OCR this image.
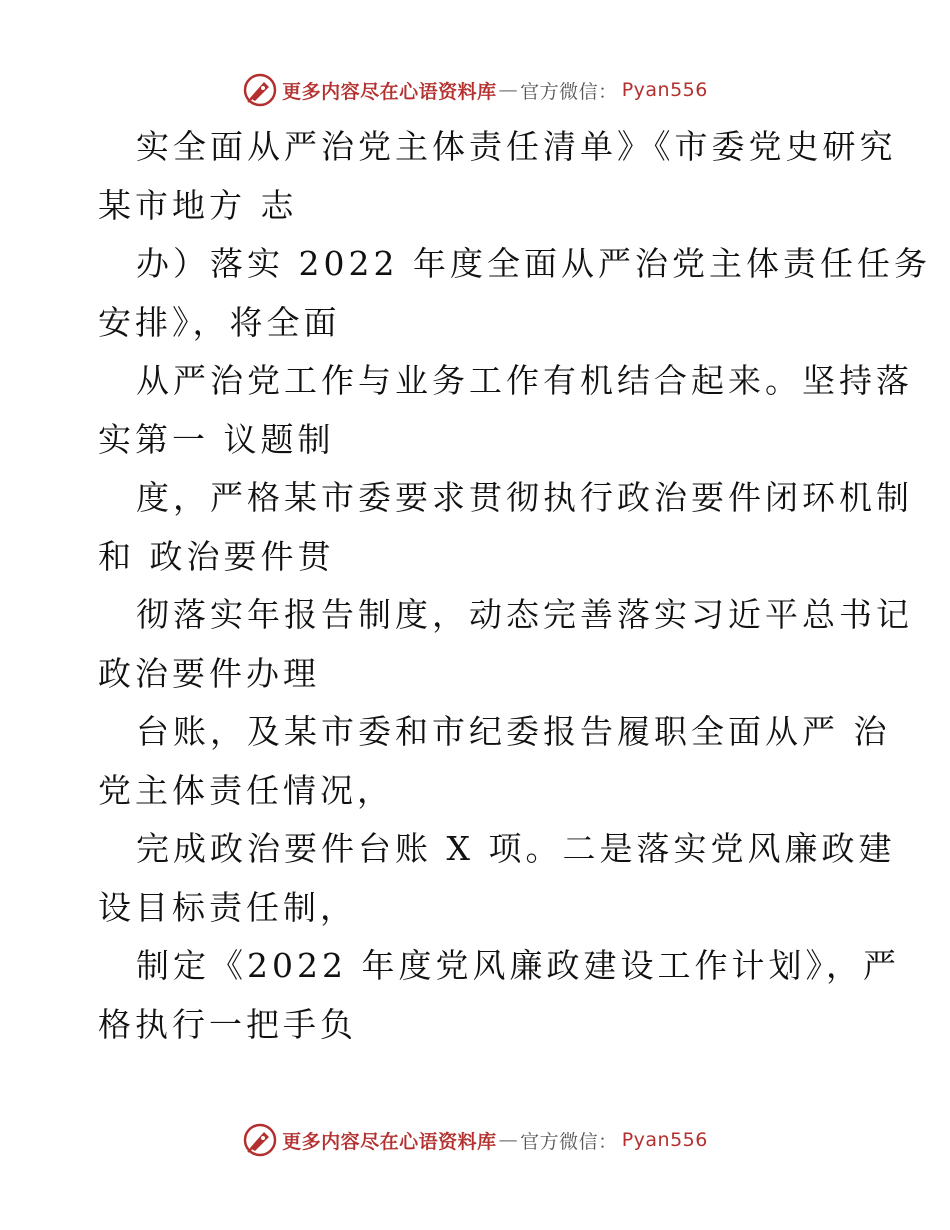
更多内容尽在心语资料库 — 官方微信： Pyan556
实全面从严治党主体责任清单》《市委党史研究
某市地方 志
办）落实 2022 年度全面从严治党主体责任任务
安排》，将全面
从严治党工作与业务工作有机结合起来。坚持落
实第一 议题制
度，严格某市委要求贯彻执行政治要件闭环机制
和 政治要件贯
彻落实年报告制度，动态完善落实习近平总书记
政治要件办理
台账，及某市委和市纪委报告履职全面从严 治
党主体责任情况，
完成政治要件台账 X 项。二是落实党风廉政建
设目标责任制，
制定《2022 年度党风廉政建设工作计划》，严
格执行一把手负
更多内容尽在心语资料库 — 官方微信： Pyan556
